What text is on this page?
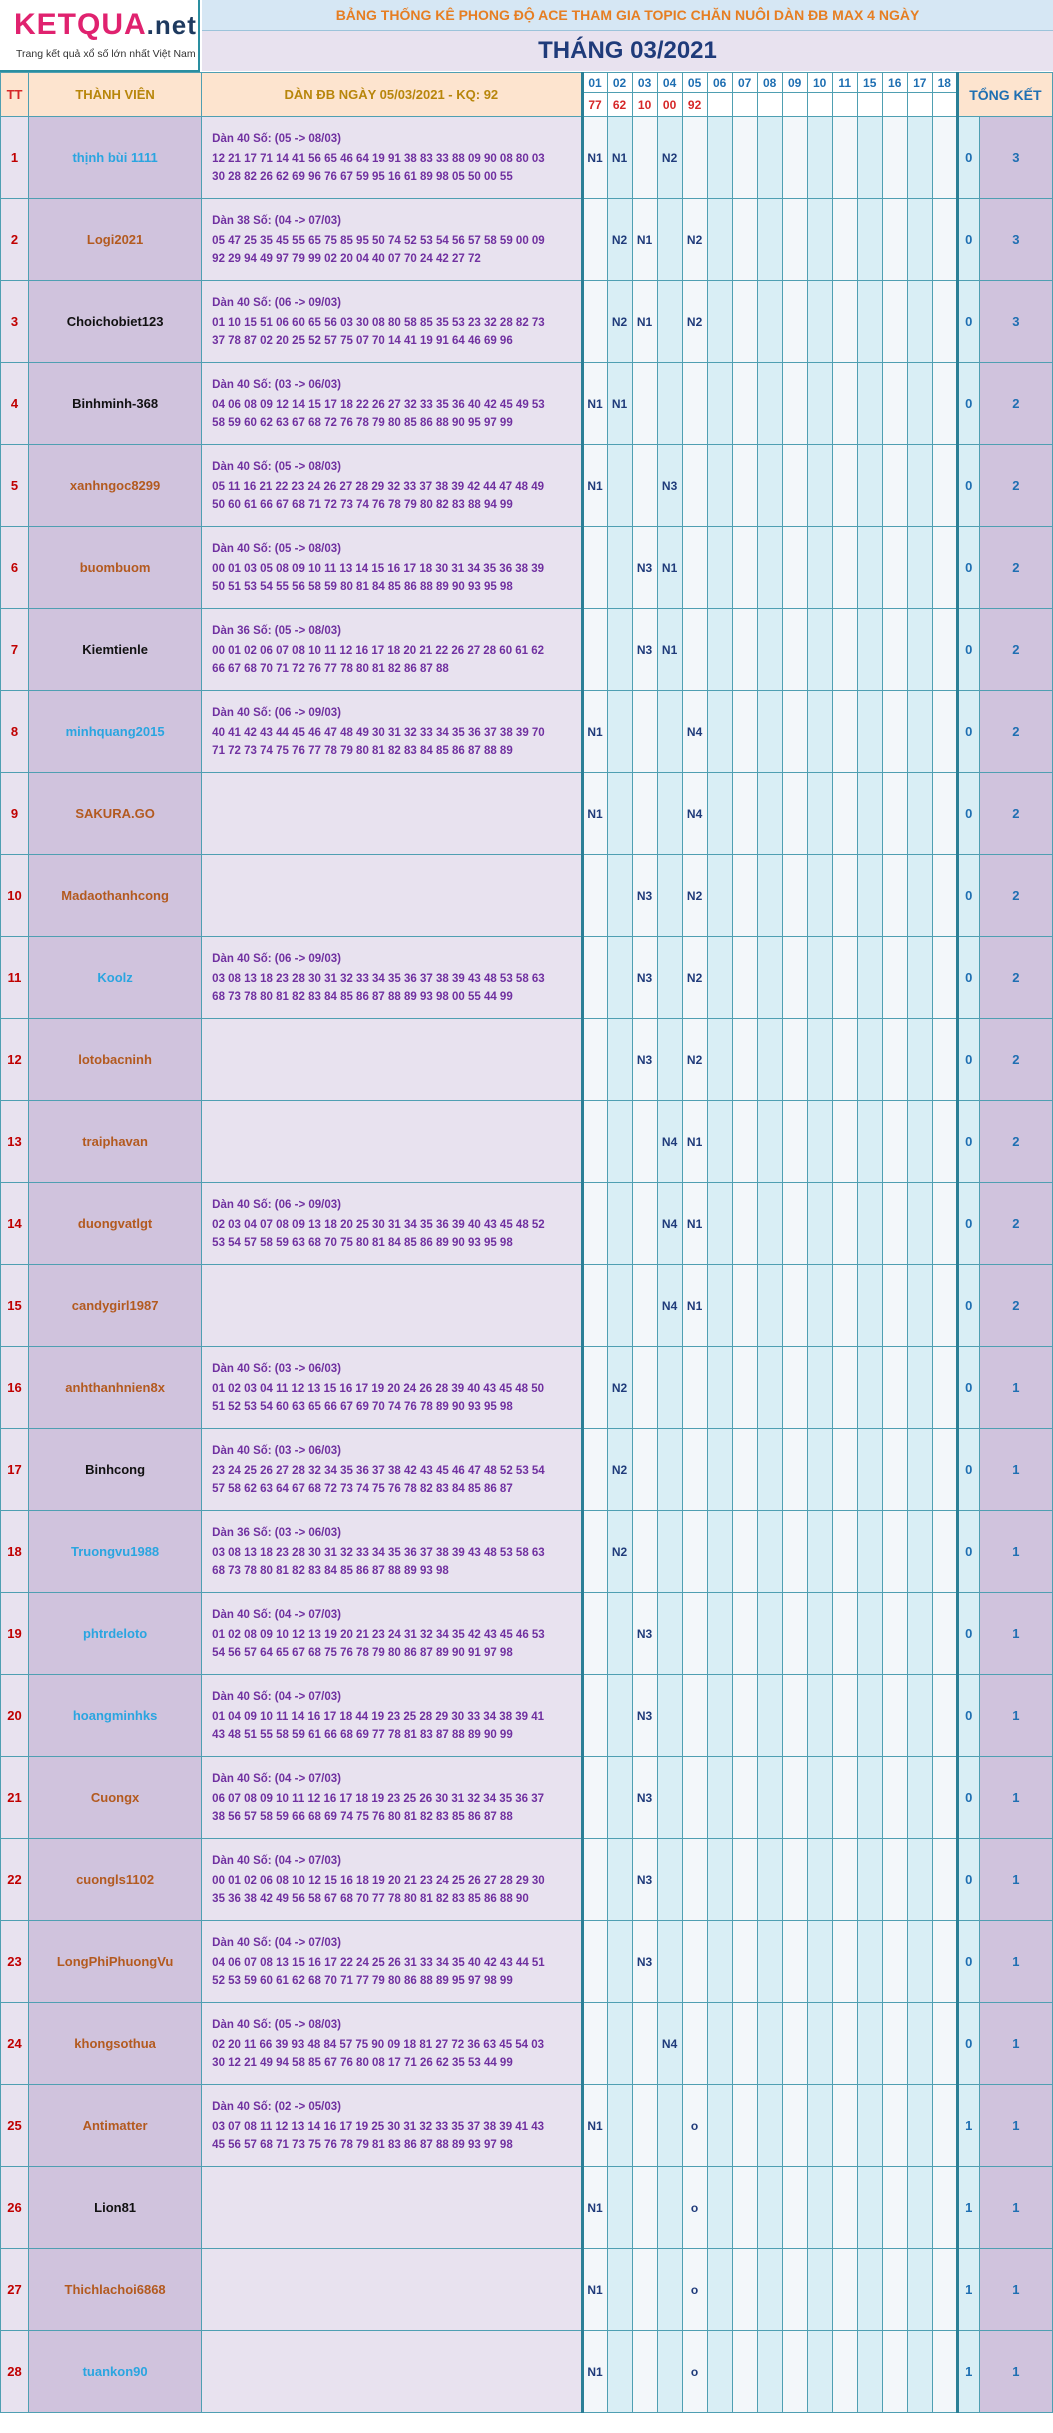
KETQUA.net
Trang kết quả xổ số lớn nhất Việt Nam
BẢNG THỐNG KÊ PHONG ĐỘ ACE THAM GIA TOPIC CHĂN NUÔI DÀN ĐB MAX 4 NGÀY
THÁNG 03/2021
TT	THÀNH VIÊN	DÀN ĐB NGÀY 05/03/2021 - KQ: 92	01	02	03	04	05	06	07	08	09	10	11	15	16	17	18	TỔNG KẾT	
			77	62	10	00	92												
1	thịnh bùi 1111	Dàn 40 Số: (05 -> 08/03)
12 21 17 71 14 41 56 65 46 64 19 91 38 83 33 88 09 90 08 80 03
30 28 82 26 62 69 96 76 67 59 95 16 61 89 98 05 50 00 55	N1	N1		N2												0	3
2	Logi2021	Dàn 38 Số: (04 -> 07/03)
05 47 25 35 45 55 65 75 85 95 50 74 52 53 54 56 57 58 59 00 09
92 29 94 49 97 79 99 02 20 04 40 07 70 24 42 27 72		N2	N1		N2											0	3
3	Choichobiet123	Dàn 40 Số: (06 -> 09/03)
01 10 15 51 06 60 65 56 03 30 08 80 58 85 35 53 23 32 28 82 73
37 78 87 02 20 25 52 57 75 07 70 14 41 19 91 64 46 69 96		N2	N1		N2											0	3
4	Binhminh-368	Dàn 40 Số: (03 -> 06/03)
04 06 08 09 12 14 15 17 18 22 26 27 32 33 35 36 40 42 45 49 53
58 59 60 62 63 67 68 72 76 78 79 80 85 86 88 90 95 97 99	N1	N1														0	2
5	xanhngoc8299	Dàn 40 Số: (05 -> 08/03)
05 11 16 21 22 23 24 26 27 28 29 32 33 37 38 39 42 44 47 48 49
50 60 61 66 67 68 71 72 73 74 76 78 79 80 82 83 88 94 99	N1			N3												0	2
6	buombuom	Dàn 40 Số: (05 -> 08/03)
00 01 03 05 08 09 10 11 13 14 15 16 17 18 30 31 34 35 36 38 39
50 51 53 54 55 56 58 59 80 81 84 85 86 88 89 90 93 95 98			N3	N1												0	2
7	Kiemtienle	Dàn 36 Số: (05 -> 08/03)
00 01 02 06 07 08 10 11 12 16 17 18 20 21 22 26 27 28 60 61 62
66 67 68 70 71 72 76 77 78 80 81 82 86 87 88			N3	N1												0	2
8	minhquang2015	Dàn 40 Số: (06 -> 09/03)
40 41 42 43 44 45 46 47 48 49 30 31 32 33 34 35 36 37 38 39 70
71 72 73 74 75 76 77 78 79 80 81 82 83 84 85 86 87 88 89	N1				N4											0	2
9	SAKURA.GO		N1				N4											0	2
10	Madaothanhcong				N3		N2											0	2
11	Koolz	Dàn 40 Số: (06 -> 09/03)
03 08 13 18 23 28 30 31 32 33 34 35 36 37 38 39 43 48 53 58 63
68 73 78 80 81 82 83 84 85 86 87 88 89 93 98 00 55 44 99			N3		N2											0	2
12	lotobacninh				N3		N2											0	2
13	traiphavan					N4	N1											0	2
14	duongvatlgt	Dàn 40 Số: (06 -> 09/03)
02 03 04 07 08 09 13 18 20 25 30 31 34 35 36 39 40 43 45 48 52
53 54 57 58 59 63 68 70 75 80 81 84 85 86 89 90 93 95 98				N4	N1											0	2
15	candygirl1987					N4	N1											0	2
16	anhthanhnien8x	Dàn 40 Số: (03 -> 06/03)
01 02 03 04 11 12 13 15 16 17 19 20 24 26 28 39 40 43 45 48 50
51 52 53 54 60 63 65 66 67 69 70 74 76 78 89 90 93 95 98		N2														0	1
17	Binhcong	Dàn 40 Số: (03 -> 06/03)
23 24 25 26 27 28 32 34 35 36 37 38 42 43 45 46 47 48 52 53 54
57 58 62 63 64 67 68 72 73 74 75 76 78 82 83 84 85 86 87		N2														0	1
18	Truongvu1988	Dàn 36 Số: (03 -> 06/03)
03 08 13 18 23 28 30 31 32 33 34 35 36 37 38 39 43 48 53 58 63
68 73 78 80 81 82 83 84 85 86 87 88 89 93 98		N2														0	1
19	phtrdeloto	Dàn 40 Số: (04 -> 07/03)
01 02 08 09 10 12 13 19 20 21 23 24 31 32 34 35 42 43 45 46 53
54 56 57 64 65 67 68 75 76 78 79 80 86 87 89 90 91 97 98			N3													0	1
20	hoangminhks	Dàn 40 Số: (04 -> 07/03)
01 04 09 10 11 14 16 17 18 44 19 23 25 28 29 30 33 34 38 39 41
43 48 51 55 58 59 61 66 68 69 77 78 81 83 87 88 89 90 99			N3													0	1
21	Cuongx	Dàn 40 Số: (04 -> 07/03)
06 07 08 09 10 11 12 16 17 18 19 23 25 26 30 31 32 34 35 36 37
38 56 57 58 59 66 68 69 74 75 76 80 81 82 83 85 86 87 88			N3													0	1
22	cuongls1102	Dàn 40 Số: (04 -> 07/03)
00 01 02 06 08 10 12 15 16 18 19 20 21 23 24 25 26 27 28 29 30
35 36 38 42 49 56 58 67 68 70 77 78 80 81 82 83 85 86 88 90			N3													0	1
23	LongPhiPhuongVu	Dàn 40 Số: (04 -> 07/03)
04 06 07 08 13 15 16 17 22 24 25 26 31 33 34 35 40 42 43 44 51
52 53 59 60 61 62 68 70 71 77 79 80 86 88 89 95 97 98 99			N3													0	1
24	khongsothua	Dàn 40 Số: (05 -> 08/03)
02 20 11 66 39 93 48 84 57 75 90 09 18 81 27 72 36 63 45 54 03
30 12 21 49 94 58 85 67 76 80 08 17 71 26 62 35 53 44 99				N4												0	1
25	Antimatter	Dàn 40 Số: (02 -> 05/03)
03 07 08 11 12 13 14 16 17 19 25 30 31 32 33 35 37 38 39 41 43
45 56 57 68 71 73 75 76 78 79 81 83 86 87 88 89 93 97 98	N1				o											1	1
26	Lion81		N1				o											1	1
27	Thichlachoi6868		N1				o											1	1
28	tuankon90		N1				o											1	1
